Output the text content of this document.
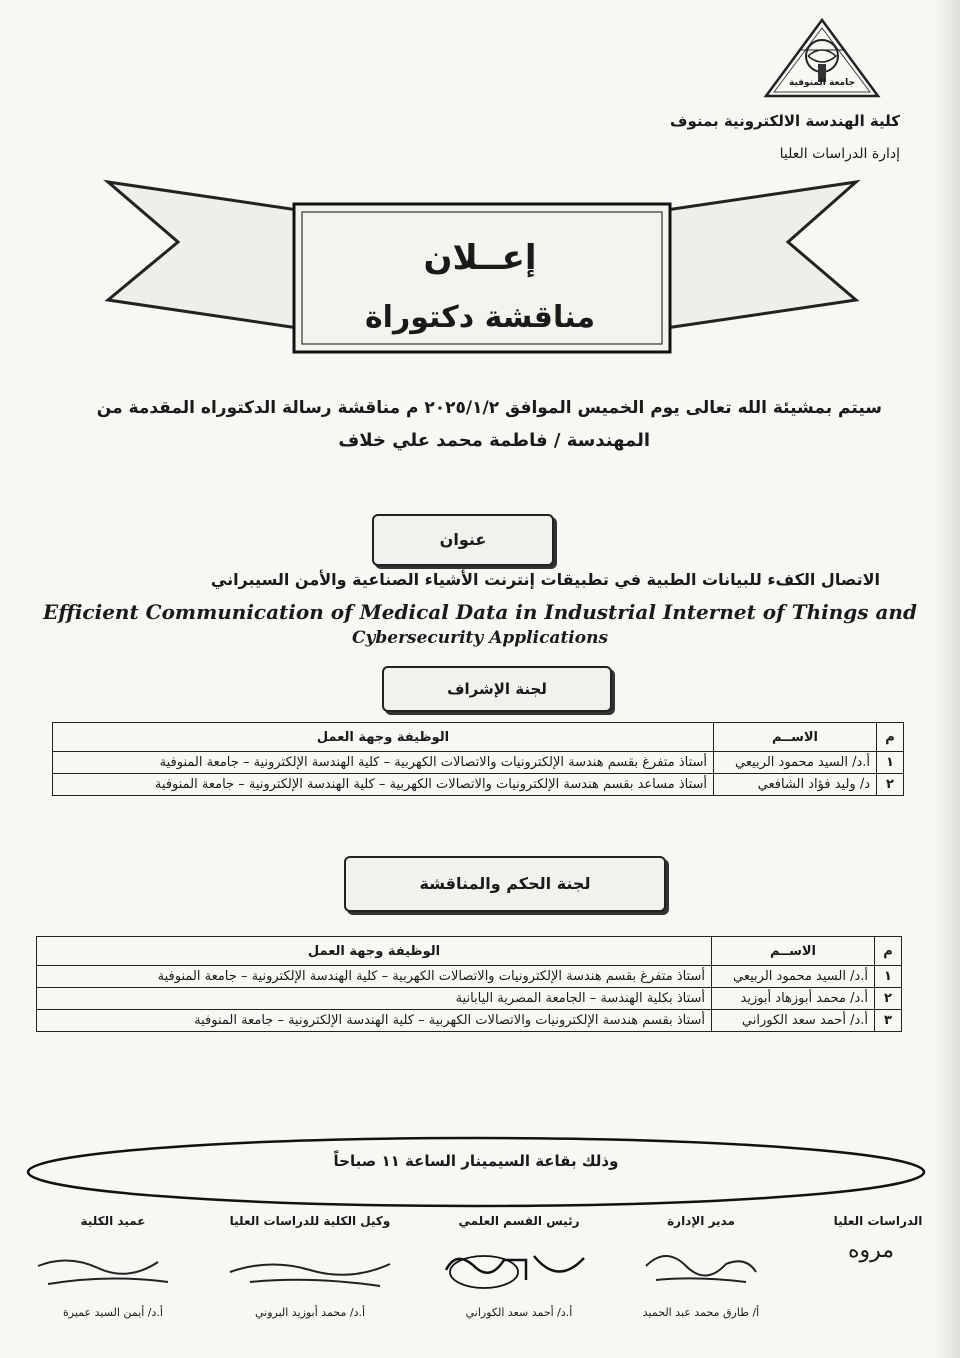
جامعة المنوفية
كلية الهندسة الالكترونية بمنوف
إدارة الدراسات العليا
إعــلان
مناقشة دكتوراة
سيتم بمشيئة الله تعالى يوم الخميس الموافق ٢٠٢٥/١/٢ م مناقشة رسالة الدكتوراه المقدمة من
المهندسة / فاطمة محمد علي خلاف
عنوان
الاتصال الكفء للبيانات الطبية في تطبيقات إنترنت الأشياء الصناعية والأمن السيبراني
Efficient Communication of Medical Data in Industrial Internet of Things and
Cybersecurity Applications
لجنة الإشراف
م	الاســم	الوظيفة وجهة العمل
١	أ.د/ السيد محمود الربيعي	أستاذ متفرغ بقسم هندسة الإلكترونيات والاتصالات الكهربية – كلية الهندسة الإلكترونية – جامعة المنوفية
٢	د/ وليد فؤاد الشافعي	أستاذ مساعد بقسم هندسة الإلكترونيات والاتصالات الكهربية – كلية الهندسة الإلكترونية – جامعة المنوفية
لجنة الحكم والمناقشة
م	الاســم	الوظيفة وجهة العمل
١	أ.د/ السيد محمود الربيعي	أستاذ متفرغ بقسم هندسة الإلكترونيات والاتصالات الكهربية – كلية الهندسة الإلكترونية – جامعة المنوفية
٢	أ.د/ محمد أبوزهاد أبوزيد	أستاذ بكلية الهندسة – الجامعة المصرية اليابانية
٣	أ.د/ أحمد سعد الكوراني	أستاذ بقسم هندسة الإلكترونيات والاتصالات الكهربية – كلية الهندسة الإلكترونية – جامعة المنوفية
وذلك بقاعة السيمينار الساعة ١١ صباحاً
الدراسات العليا
مروه
مدير الإدارة
أ/ طارق محمد عبد الحميد
رئيس القسم العلمي
أ.د/ أحمد سعد الكوراني
وكيل الكلية للدراسات العليا
أ.د/ محمد أبوزيد البروني
عميد الكلية
أ.د/ أيمن السيد عميرة
